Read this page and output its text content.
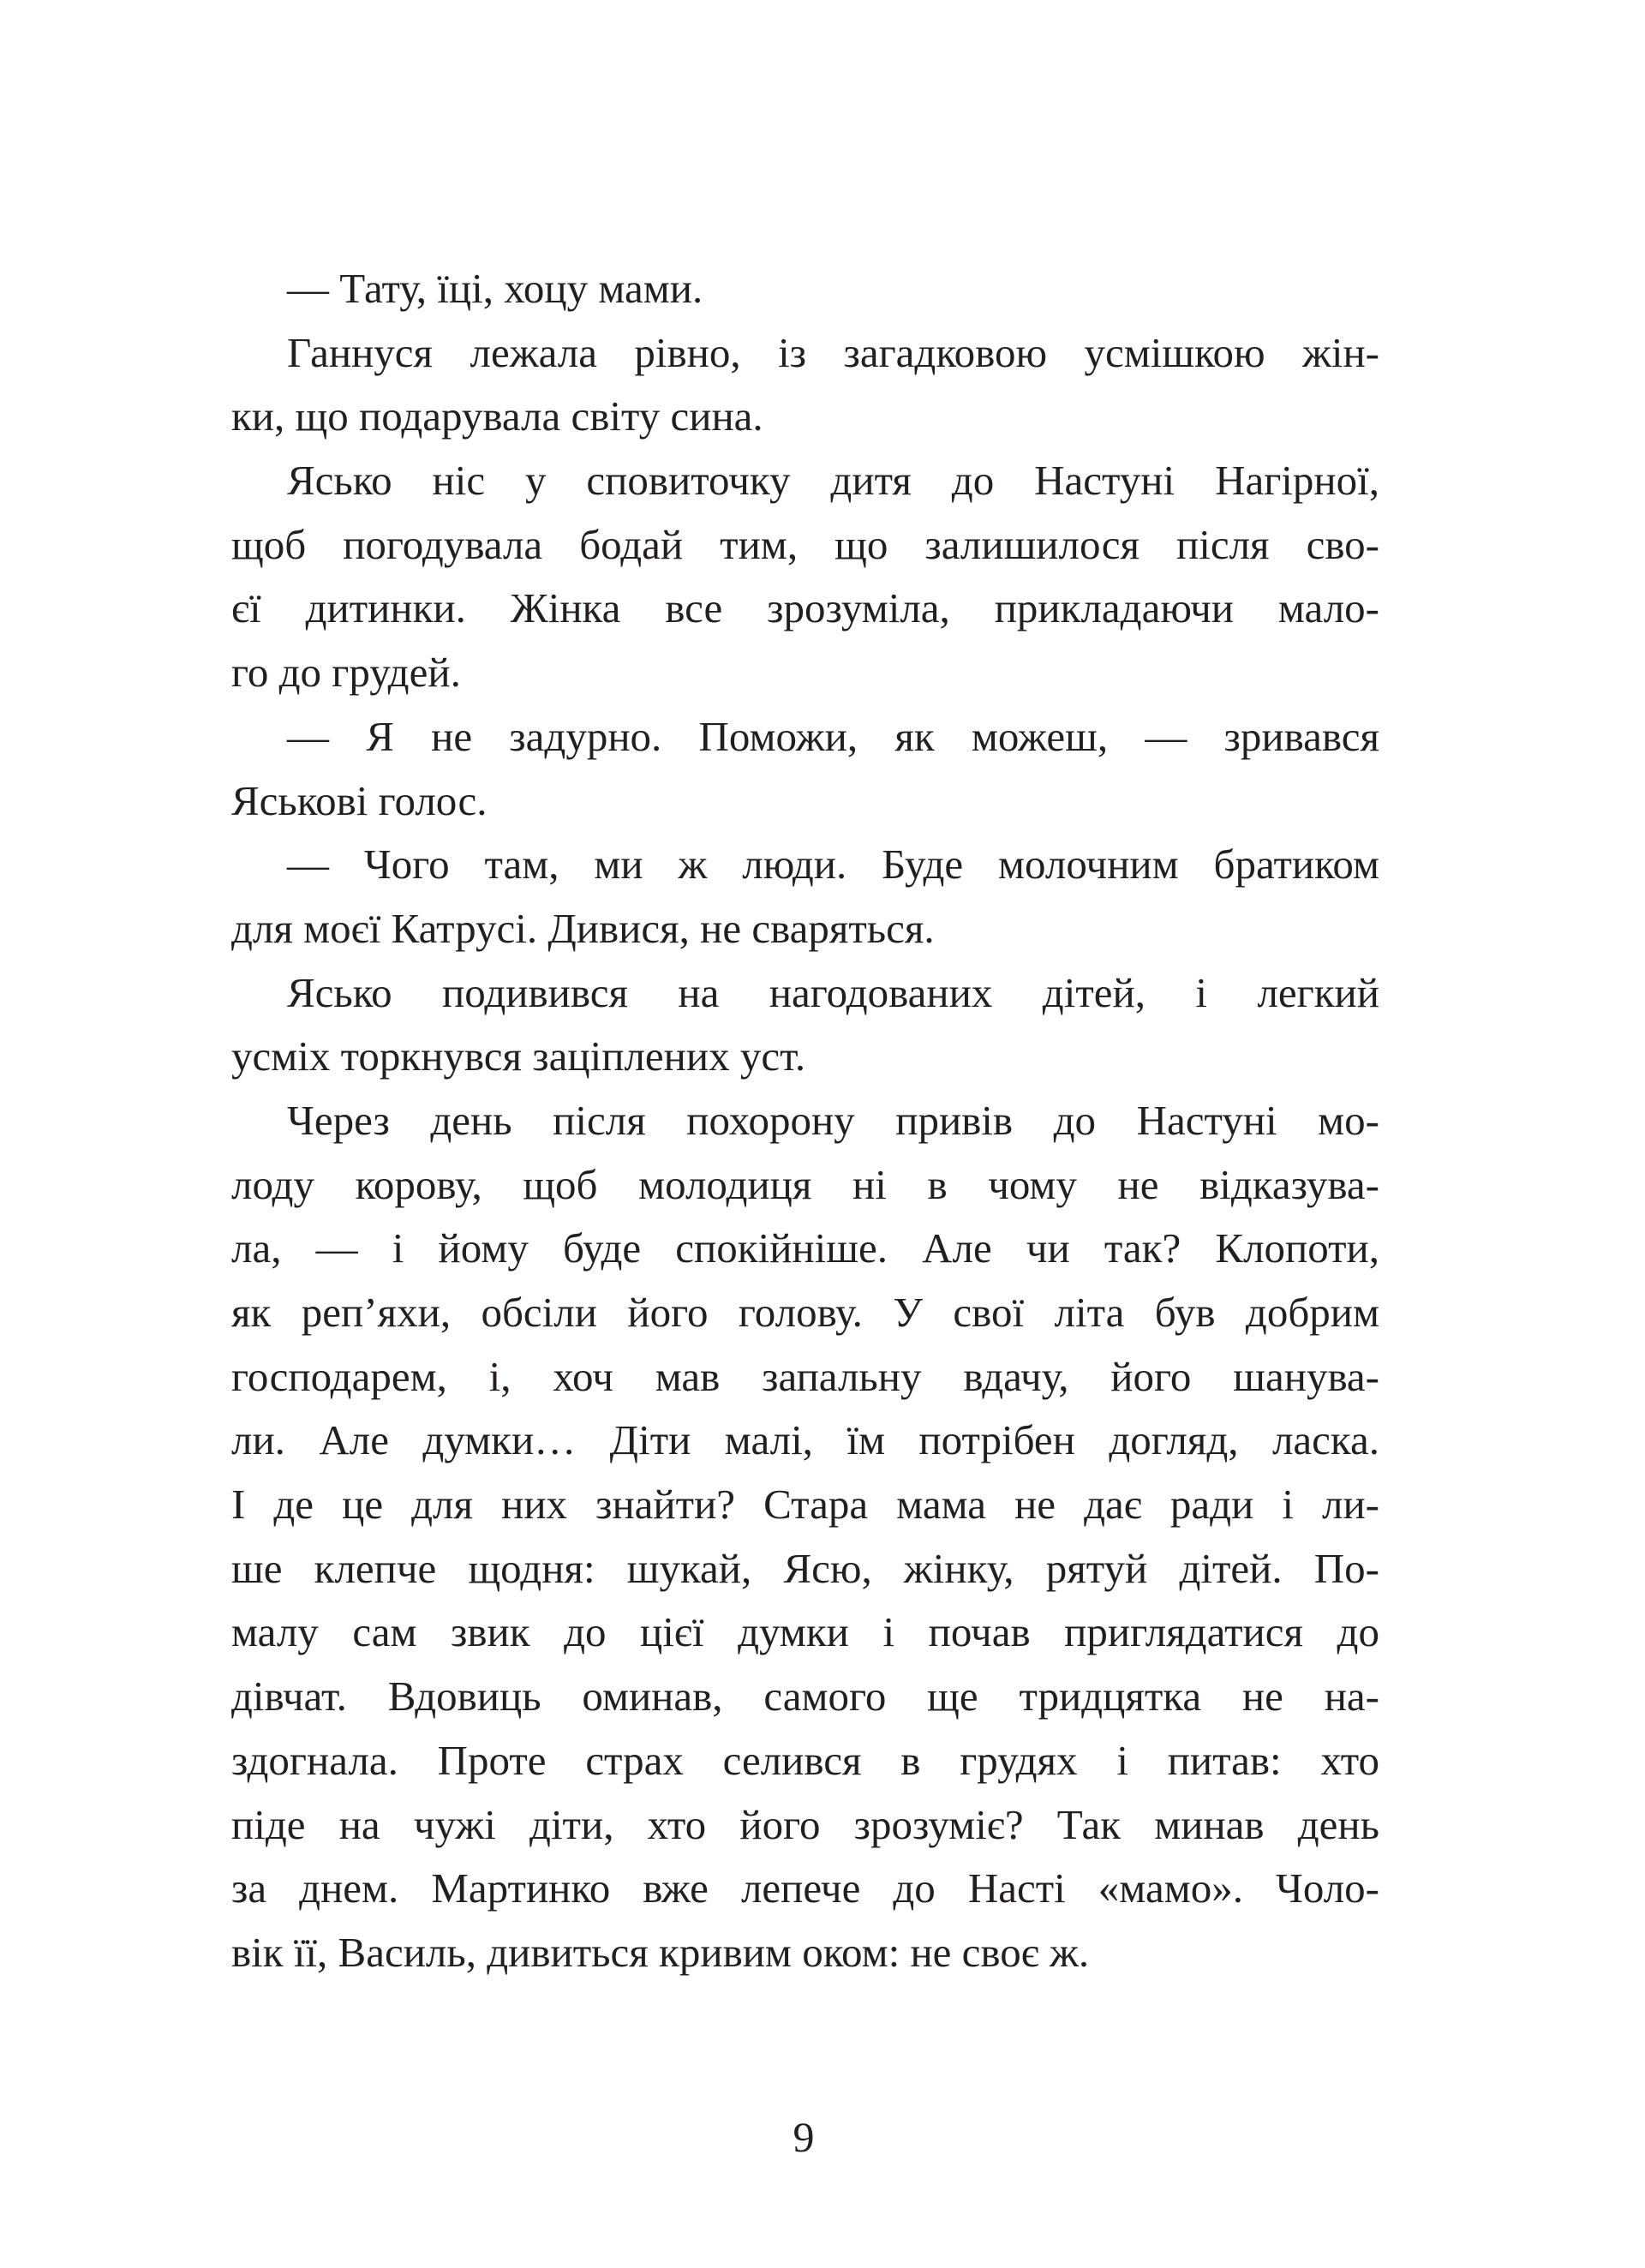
— Тату, їці, хоцу мами.
Ганнуся лежала рівно, із загадковою усмішкою жін-
ки, що подарувала світу сина.
Ясько ніс у сповиточку дитя до Настуні Нагірної,
щоб погодувала бодай тим, що залишилося після сво-
єї дитинки. Жінка все зрозуміла, прикладаючи мало-
го до грудей.
— Я не задурно. Поможи, як можеш, — зривався
Яськові голос.
— Чого там, ми ж люди. Буде молочним братиком
для моєї Катрусі. Дивися, не сваряться.
Ясько подивився на нагодованих дітей, і легкий
усміх торкнувся заціплених уст.
Через день після похорону привів до Настуні мо-
лоду корову, щоб молодиця ні в чому не відказува-
ла, — і йому буде спокійніше. Але чи так? Клопоти,
як реп’яхи, обсіли його голову. У свої літа був добрим
господарем, і, хоч мав запальну вдачу, його шанува-
ли. Але думки… Діти малі, їм потрібен догляд, ласка.
І де це для них знайти? Стара мама не дає ради і ли-
ше клепче щодня: шукай, Ясю, жінку, рятуй дітей. По-
малу сам звик до цієї думки і почав приглядатися до
дівчат. Вдовиць оминав, самого ще тридцятка не на-
здогнала. Проте страх селився в грудях і питав: хто
піде на чужі діти, хто його зрозуміє? Так минав день
за днем. Мартинко вже лепече до Насті «мамо». Чоло-
вік її, Василь, дивиться кривим оком: не своє ж.
9
